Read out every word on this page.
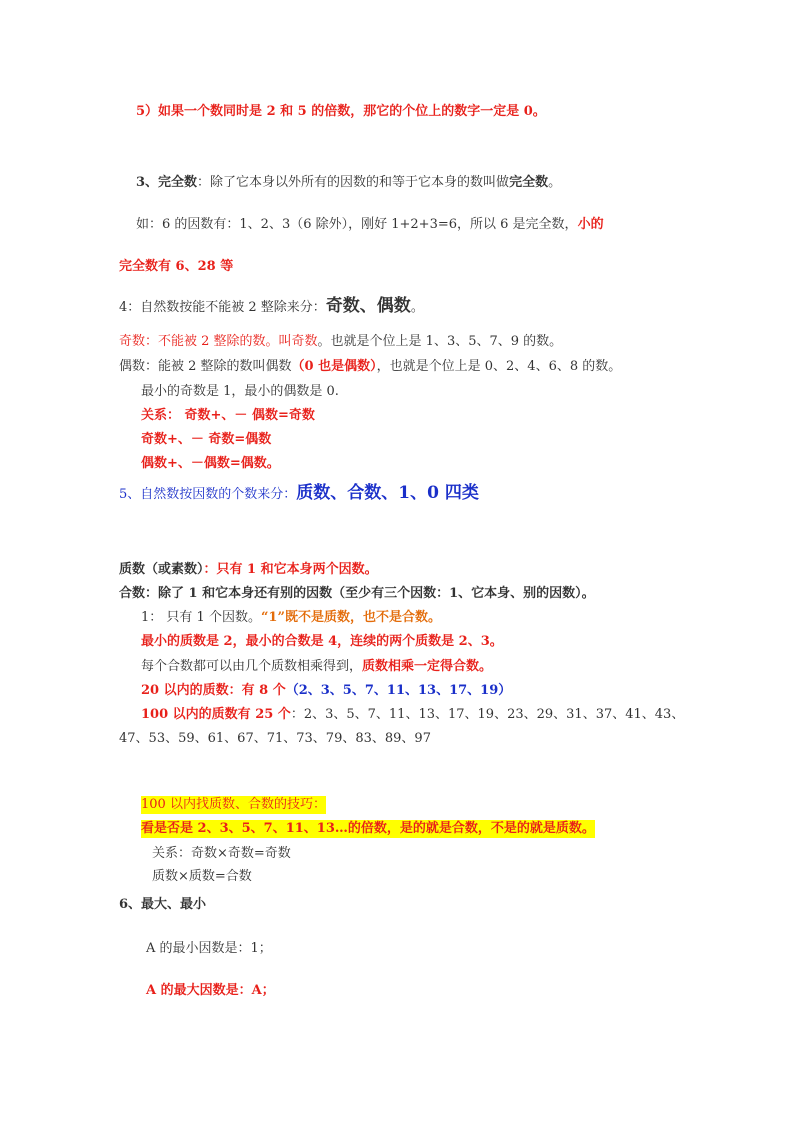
5）如果一个数同时是 2 和 5 的倍数，那它的个位上的数字一定是 0。
3、完全数：除了它本身以外所有的因数的和等于它本身的数叫做完全数。
如：6 的因数有：1、2、3（6 除外），刚好 1+2+3=6，所以 6 是完全数，小的
完全数有 6、28 等
4：自然数按能不能被 2 整除来分：奇数、偶数。
奇数：不能被 2 整除的数。叫奇数。也就是个位上是 1、3、5、7、9 的数。
偶数：能被 2 整除的数叫偶数（0 也是偶数），也就是个位上是 0、2、4、6、8 的数。
最小的奇数是 1，最小的偶数是 0.
关系： 奇数+、－ 偶数=奇数
奇数+、－ 奇数=偶数
偶数+、－偶数=偶数。
5、自然数按因数的个数来分：质数、合数、1、0 四类
质数（或素数）：只有 1 和它本身两个因数。
合数：除了 1 和它本身还有别的因数（至少有三个因数：1、它本身、别的因数）。
1： 只有 1 个因数。“1”既不是质数，也不是合数。
最小的质数是 2，最小的合数是 4，连续的两个质数是 2、3。
每个合数都可以由几个质数相乘得到，质数相乘一定得合数。
20 以内的质数：有 8 个（2、3、5、7、11、13、17、19）
100 以内的质数有 25 个：2、3、5、7、11、13、17、19、23、29、31、37、41、43、
47、53、59、61、67、71、73、79、83、89、97
100 以内找质数、合数的技巧：
看是否是 2、3、5、7、11、13…的倍数，是的就是合数，不是的就是质数。
关系：奇数×奇数=奇数
质数×质数=合数
6、最大、最小
A 的最小因数是：1；
A 的最大因数是：A；
